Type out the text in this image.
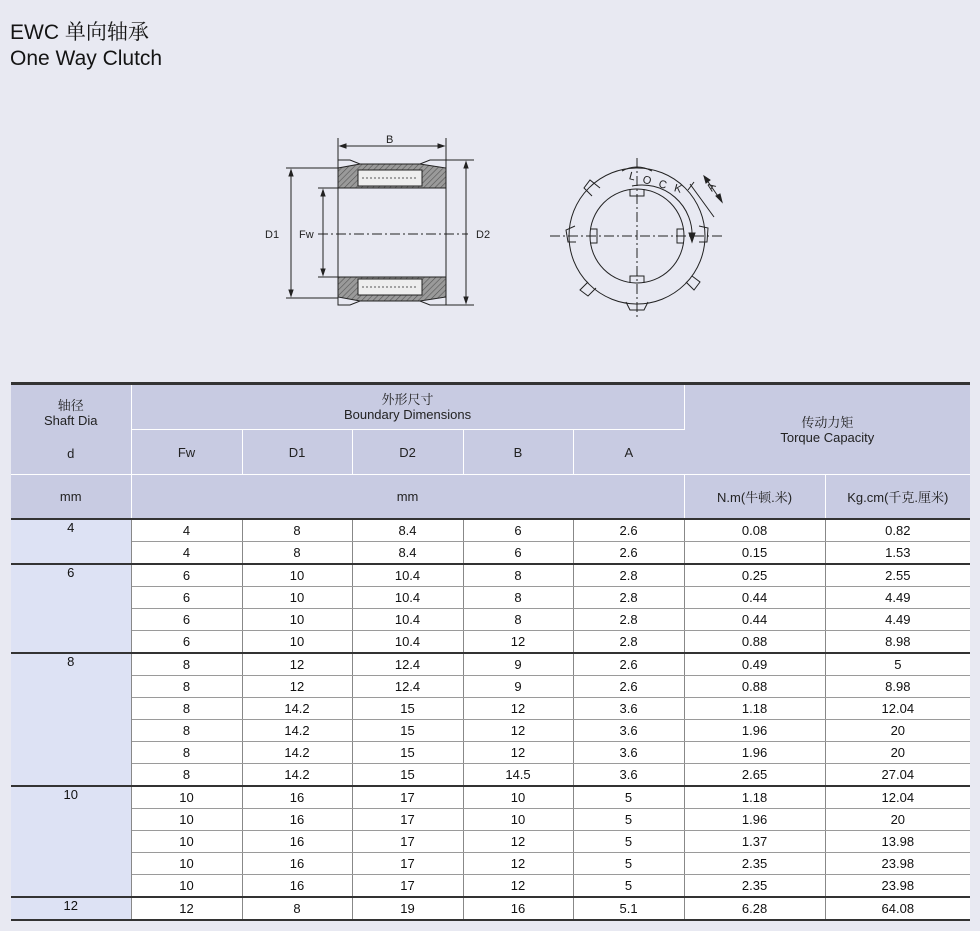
EWC 单向轴承
One Way Clutch
B
D1 Fw	D2
LOCK A
轴径
Shaft Dia
d	外形尺寸
Boundary Dimensions					传动力矩
Torque Capacity	

	Fw	D1	D2	B	A		
mm	mm					N.m(牛顿.米)	Kg.cm(千克.厘米)
4	4	8	8.4	6	2.6	0.08	0.82
	4	8	8.4	6	2.6	0.15	1.53
6	6	10	10.4	8	2.8	0.25	2.55
	6	10	10.4	8	2.8	0.44	4.49
	6	10	10.4	8	2.8	0.44	4.49
	6	10	10.4	12	2.8	0.88	8.98
8	8	12	12.4	9	2.6	0.49	5
	8	12	12.4	9	2.6	0.88	8.98
	8	14.2	15	12	3.6	1.18	12.04
	8	14.2	15	12	3.6	1.96	20
	8	14.2	15	12	3.6	1.96	20
	8	14.2	15	14.5	3.6	2.65	27.04
10	10	16	17	10	5	1.18	12.04
	10	16	17	10	5	1.96	20
	10	16	17	12	5	1.37	13.98
	10	16	17	12	5	2.35	23.98
	10	16	17	12	5	2.35	23.98
12	12	8	19	16	5.1	6.28	64.08
